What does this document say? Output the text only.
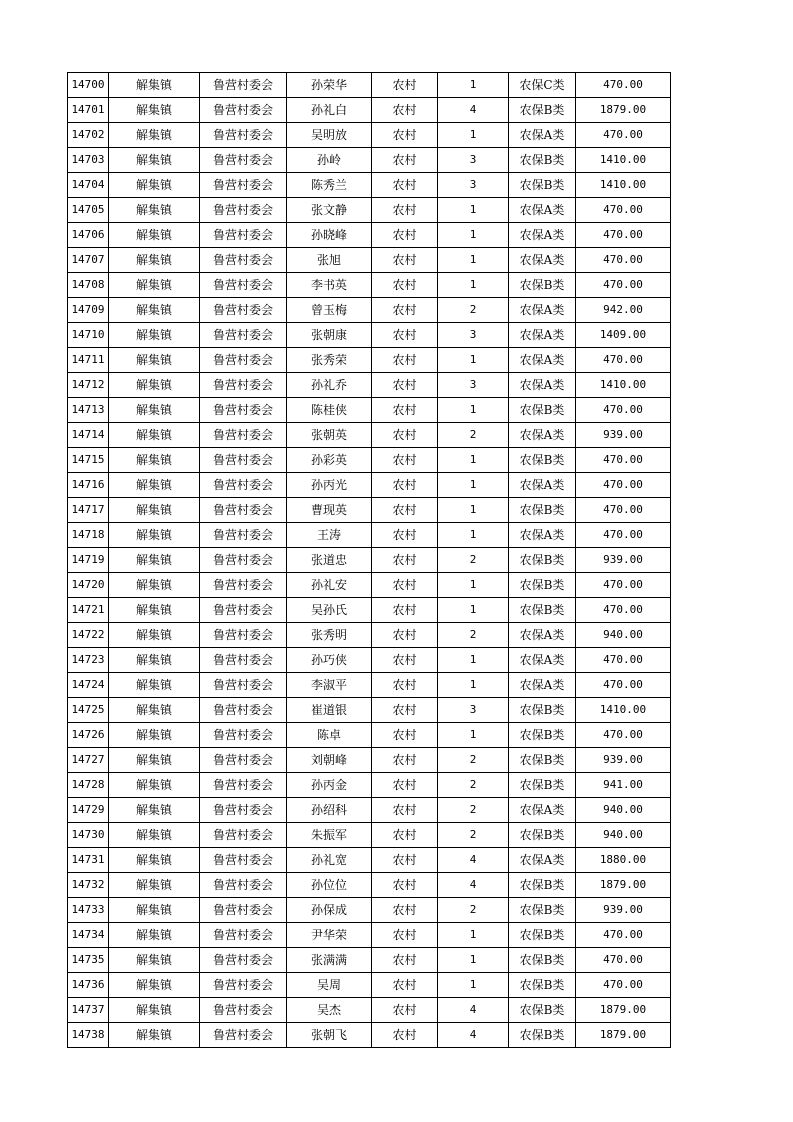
14700	解集镇	鲁营村委会	孙荣华	农村	1	农保C类	470.00
14701	解集镇	鲁营村委会	孙礼白	农村	4	农保B类	1879.00
14702	解集镇	鲁营村委会	吴明放	农村	1	农保A类	470.00
14703	解集镇	鲁营村委会	孙岭	农村	3	农保B类	1410.00
14704	解集镇	鲁营村委会	陈秀兰	农村	3	农保B类	1410.00
14705	解集镇	鲁营村委会	张文静	农村	1	农保A类	470.00
14706	解集镇	鲁营村委会	孙晓峰	农村	1	农保A类	470.00
14707	解集镇	鲁营村委会	张旭	农村	1	农保A类	470.00
14708	解集镇	鲁营村委会	李书英	农村	1	农保B类	470.00
14709	解集镇	鲁营村委会	曾玉梅	农村	2	农保A类	942.00
14710	解集镇	鲁营村委会	张朝康	农村	3	农保A类	1409.00
14711	解集镇	鲁营村委会	张秀荣	农村	1	农保A类	470.00
14712	解集镇	鲁营村委会	孙礼乔	农村	3	农保A类	1410.00
14713	解集镇	鲁营村委会	陈桂侠	农村	1	农保B类	470.00
14714	解集镇	鲁营村委会	张朝英	农村	2	农保A类	939.00
14715	解集镇	鲁营村委会	孙彩英	农村	1	农保B类	470.00
14716	解集镇	鲁营村委会	孙丙光	农村	1	农保A类	470.00
14717	解集镇	鲁营村委会	曹现英	农村	1	农保B类	470.00
14718	解集镇	鲁营村委会	王涛	农村	1	农保A类	470.00
14719	解集镇	鲁营村委会	张道忠	农村	2	农保B类	939.00
14720	解集镇	鲁营村委会	孙礼安	农村	1	农保B类	470.00
14721	解集镇	鲁营村委会	吴孙氏	农村	1	农保B类	470.00
14722	解集镇	鲁营村委会	张秀明	农村	2	农保A类	940.00
14723	解集镇	鲁营村委会	孙巧侠	农村	1	农保A类	470.00
14724	解集镇	鲁营村委会	李淑平	农村	1	农保A类	470.00
14725	解集镇	鲁营村委会	崔道银	农村	3	农保B类	1410.00
14726	解集镇	鲁营村委会	陈卓	农村	1	农保B类	470.00
14727	解集镇	鲁营村委会	刘朝峰	农村	2	农保B类	939.00
14728	解集镇	鲁营村委会	孙丙金	农村	2	农保B类	941.00
14729	解集镇	鲁营村委会	孙绍科	农村	2	农保A类	940.00
14730	解集镇	鲁营村委会	朱振军	农村	2	农保B类	940.00
14731	解集镇	鲁营村委会	孙礼宽	农村	4	农保A类	1880.00
14732	解集镇	鲁营村委会	孙位位	农村	4	农保B类	1879.00
14733	解集镇	鲁营村委会	孙保成	农村	2	农保B类	939.00
14734	解集镇	鲁营村委会	尹华荣	农村	1	农保B类	470.00
14735	解集镇	鲁营村委会	张满满	农村	1	农保B类	470.00
14736	解集镇	鲁营村委会	吴周	农村	1	农保B类	470.00
14737	解集镇	鲁营村委会	吴杰	农村	4	农保B类	1879.00
14738	解集镇	鲁营村委会	张朝飞	农村	4	农保B类	1879.00
